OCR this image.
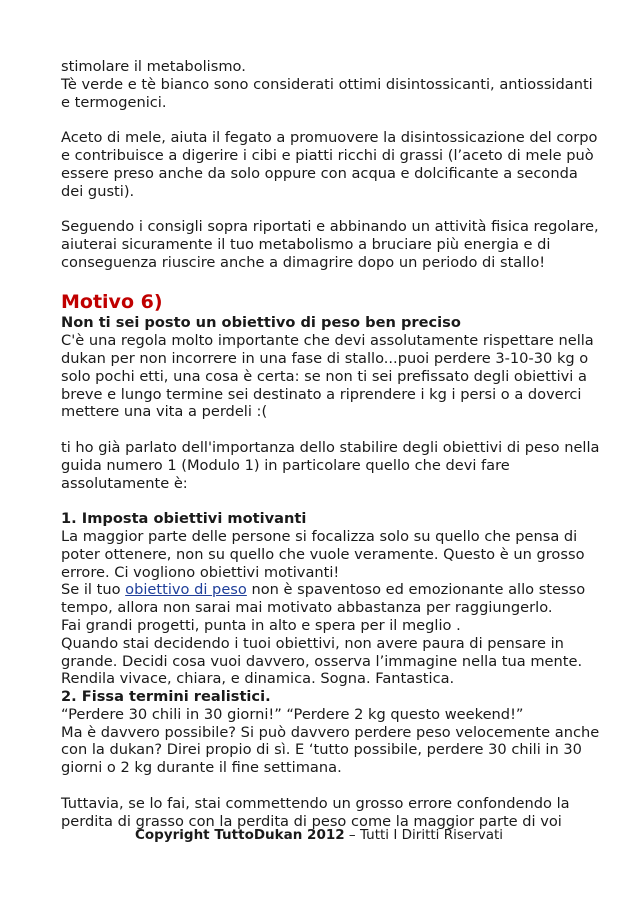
stimolare il metabolismo.
Tè verde e tè bianco sono considerati ottimi disintossicanti, antiossidanti
e termogenici.
Aceto di mele, aiuta il fegato a promuovere la disintossicazione del corpo
e contribuisce a digerire i cibi e piatti ricchi di grassi (l’aceto di mele può
essere preso anche da solo oppure con acqua e dolcificante a seconda
dei gusti).
Seguendo i consigli sopra riportati e abbinando un attività fisica regolare,
aiuterai sicuramente il tuo metabolismo a bruciare più energia e di
conseguenza riuscire anche a dimagrire dopo un periodo di stallo!
Motivo 6)
Non ti sei posto un obiettivo di peso ben preciso
C'è una regola molto importante che devi assolutamente rispettare nella
dukan per non incorrere in una fase di stallo...puoi perdere 3-10-30 kg o
solo pochi etti, una cosa è certa: se non ti sei prefissato degli obiettivi a
breve e lungo termine sei destinato a riprendere i kg i persi o a doverci
mettere una vita a perdeli :(
ti ho già parlato dell'importanza dello stabilire degli obiettivi di peso nella
guida numero 1 (Modulo 1) in particolare quello che devi fare
assolutamente è:
1. Imposta obiettivi motivanti
La maggior parte delle persone si focalizza solo su quello che pensa di
poter ottenere, non su quello che vuole veramente. Questo è un grosso
errore. Ci vogliono obiettivi motivanti!
Se il tuo obiettivo di peso non è spaventoso ed emozionante allo stesso
tempo, allora non sarai mai motivato abbastanza per raggiungerlo.
Fai grandi progetti, punta in alto e spera per il meglio .
Quando stai decidendo i tuoi obiettivi, non avere paura di pensare in
grande. Decidi cosa vuoi davvero, osserva l’immagine nella tua mente.
Rendila vivace, chiara, e dinamica. Sogna. Fantastica.
2. Fissa termini realistici.
“Perdere 30 chili in 30 giorni!” “Perdere 2 kg questo weekend!”
Ma è davvero possibile? Si può davvero perdere peso velocemente anche
con la dukan? Direi propio di sì. E ‘tutto possibile, perdere 30 chili in 30
giorni o 2 kg durante il fine settimana.
Tuttavia, se lo fai, stai commettendo un grosso errore confondendo la
perdita di grasso con la perdita di peso come la maggior parte di voi
Copyright TuttoDukan 2012 – Tutti I Diritti Riservati
